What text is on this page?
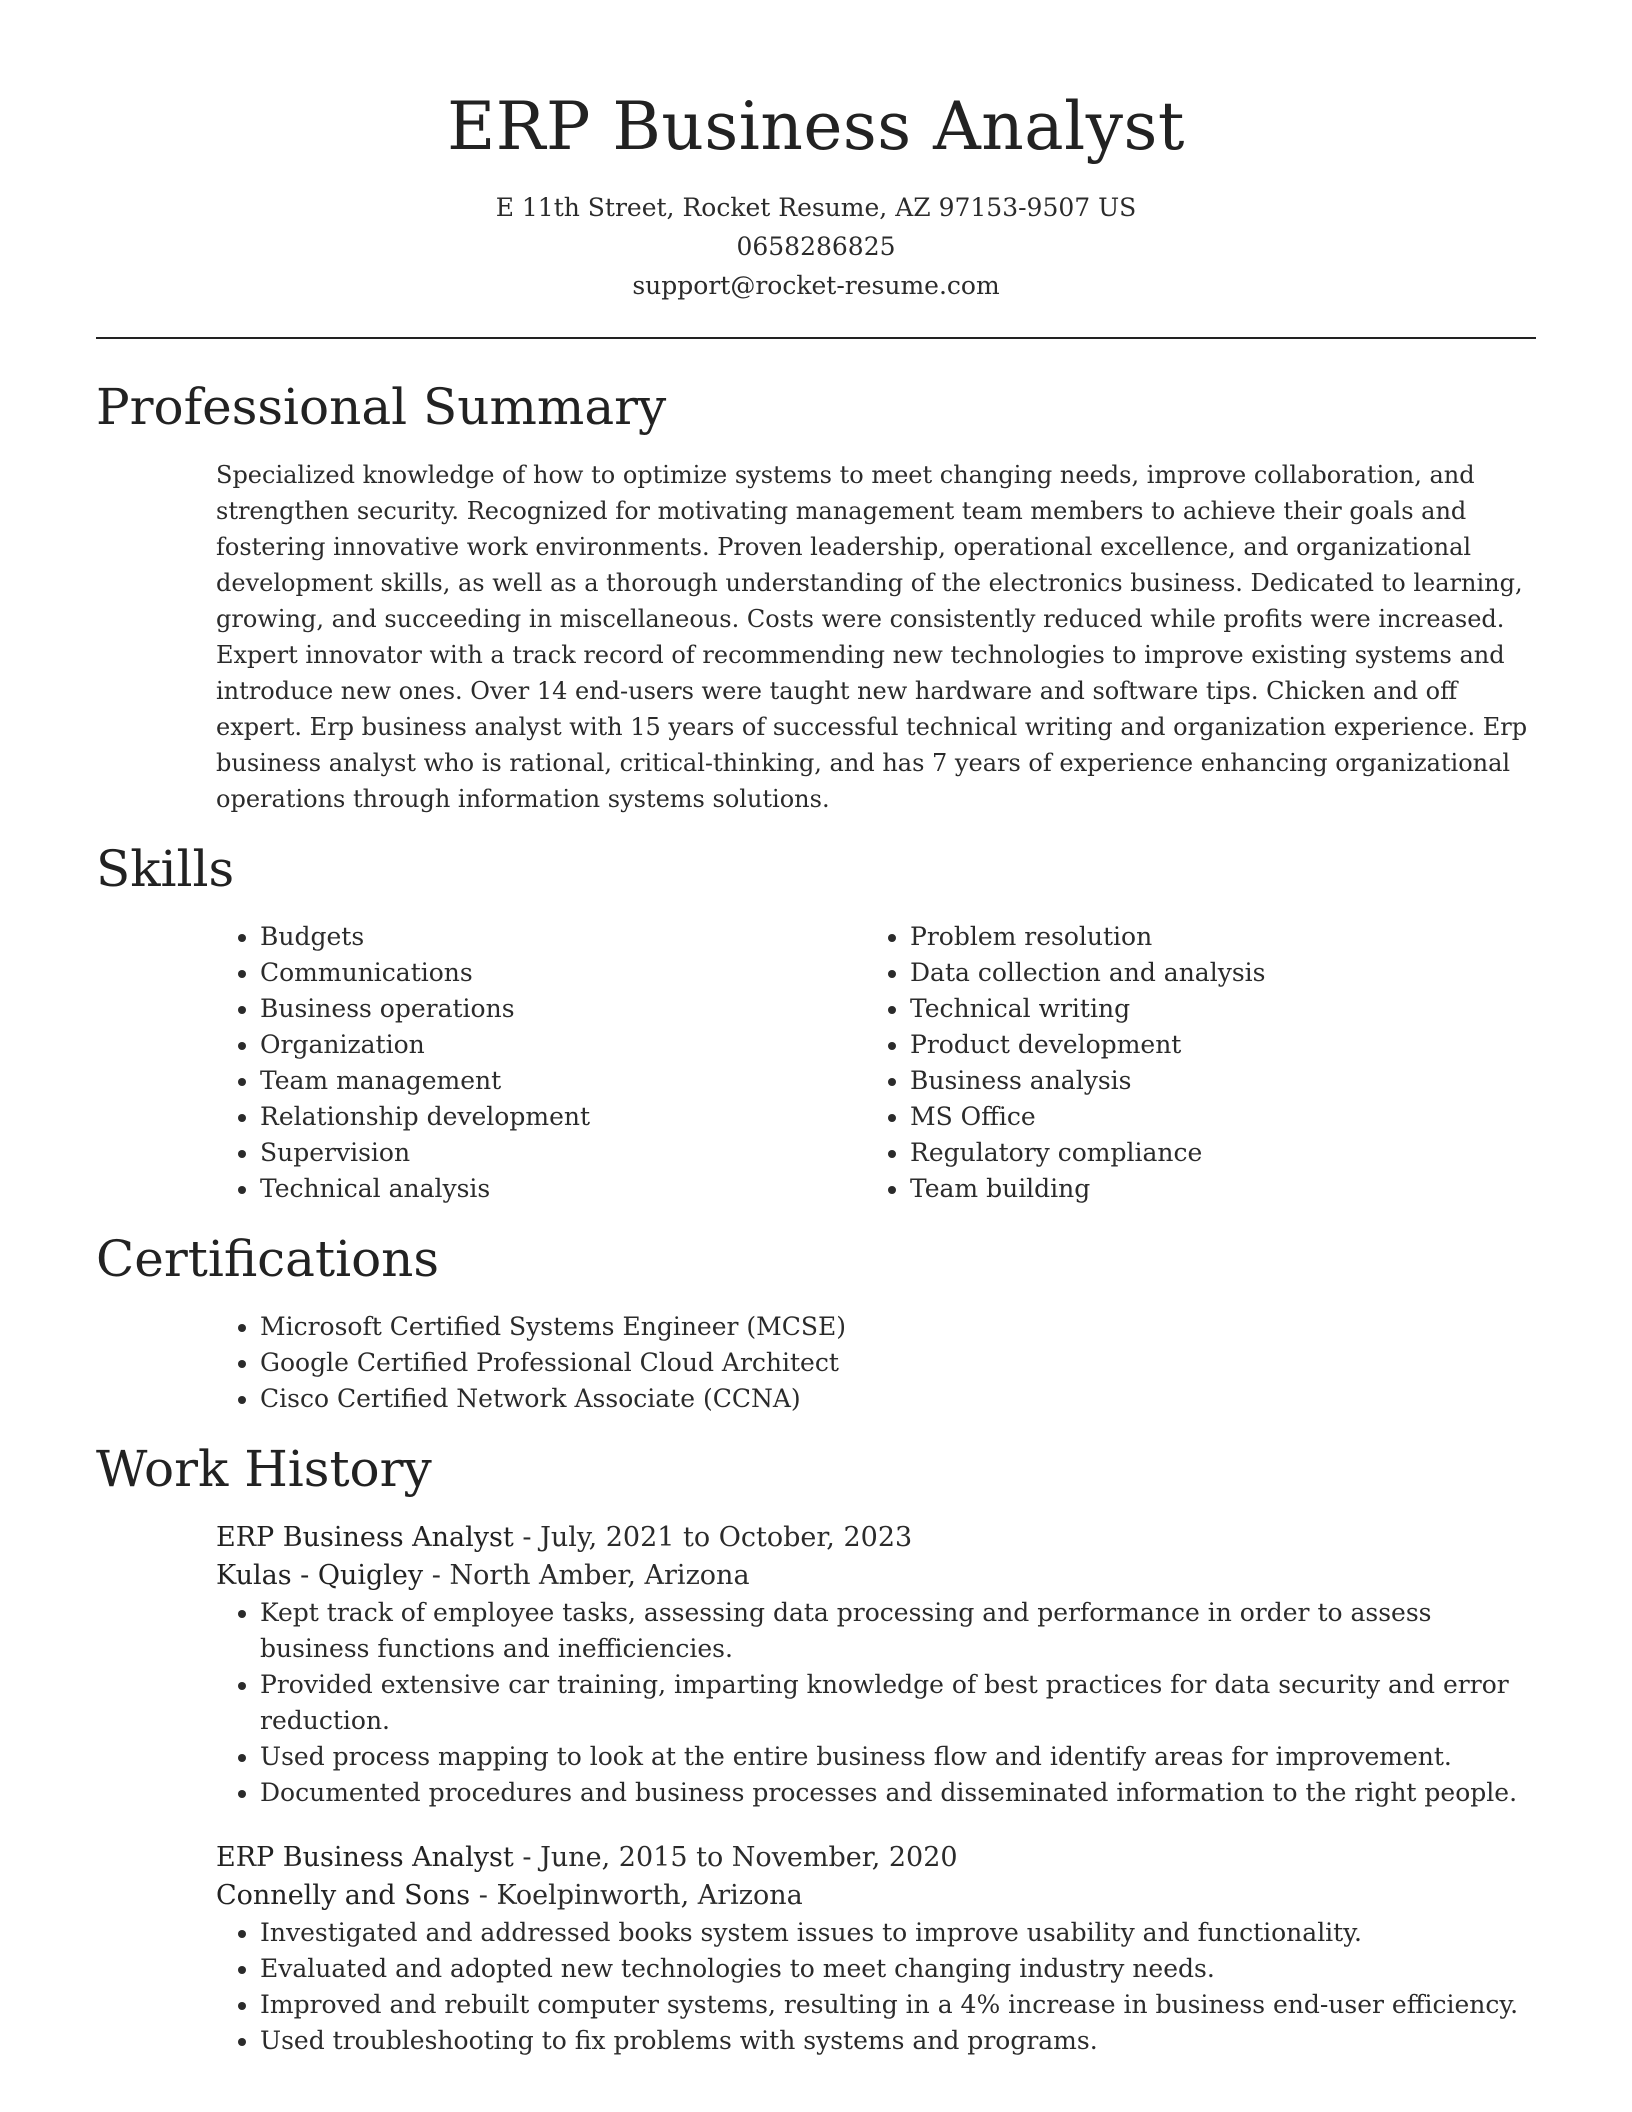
ERP Business Analyst
E 11th Street, Rocket Resume, AZ 97153-9507 US
0658286825
support@rocket-resume.com
Professional Summary
Specialized knowledge of how to optimize systems to meet changing needs, improve collaboration, and strengthen security. Recognized for motivating management team members to achieve their goals and fostering innovative work environments. Proven leadership, operational excellence, and organizational development skills, as well as a thorough understanding of the electronics business. Dedicated to learning, growing, and succeeding in miscellaneous. Costs were consistently reduced while profits were increased. Expert innovator with a track record of recommending new technologies to improve existing systems and introduce new ones. Over 14 end-users were taught new hardware and software tips. Chicken and off expert. Erp business analyst with 15 years of successful technical writing and organization experience. Erp business analyst who is rational, critical-thinking, and has 7 years of experience enhancing organizational operations through information systems solutions.
Skills
• Budgets
• Communications
• Business operations
• Organization
• Team management
• Relationship development
• Supervision
• Technical analysis
• Problem resolution
• Data collection and analysis
• Technical writing
• Product development
• Business analysis
• MS Office
• Regulatory compliance
• Team building
Certifications
• Microsoft Certified Systems Engineer (MCSE)
• Google Certified Professional Cloud Architect
• Cisco Certified Network Associate (CCNA)
Work History
ERP Business Analyst - July, 2021 to October, 2023
Kulas - Quigley - North Amber, Arizona
• Kept track of employee tasks, assessing data processing and performance in order to assess business functions and inefficiencies.
• Provided extensive car training, imparting knowledge of best practices for data security and error reduction.
• Used process mapping to look at the entire business flow and identify areas for improvement.
• Documented procedures and business processes and disseminated information to the right people.
ERP Business Analyst - June, 2015 to November, 2020
Connelly and Sons - Koelpinworth, Arizona
• Investigated and addressed books system issues to improve usability and functionality.
• Evaluated and adopted new technologies to meet changing industry needs.
• Improved and rebuilt computer systems, resulting in a 4% increase in business end-user efficiency.
• Used troubleshooting to fix problems with systems and programs.
